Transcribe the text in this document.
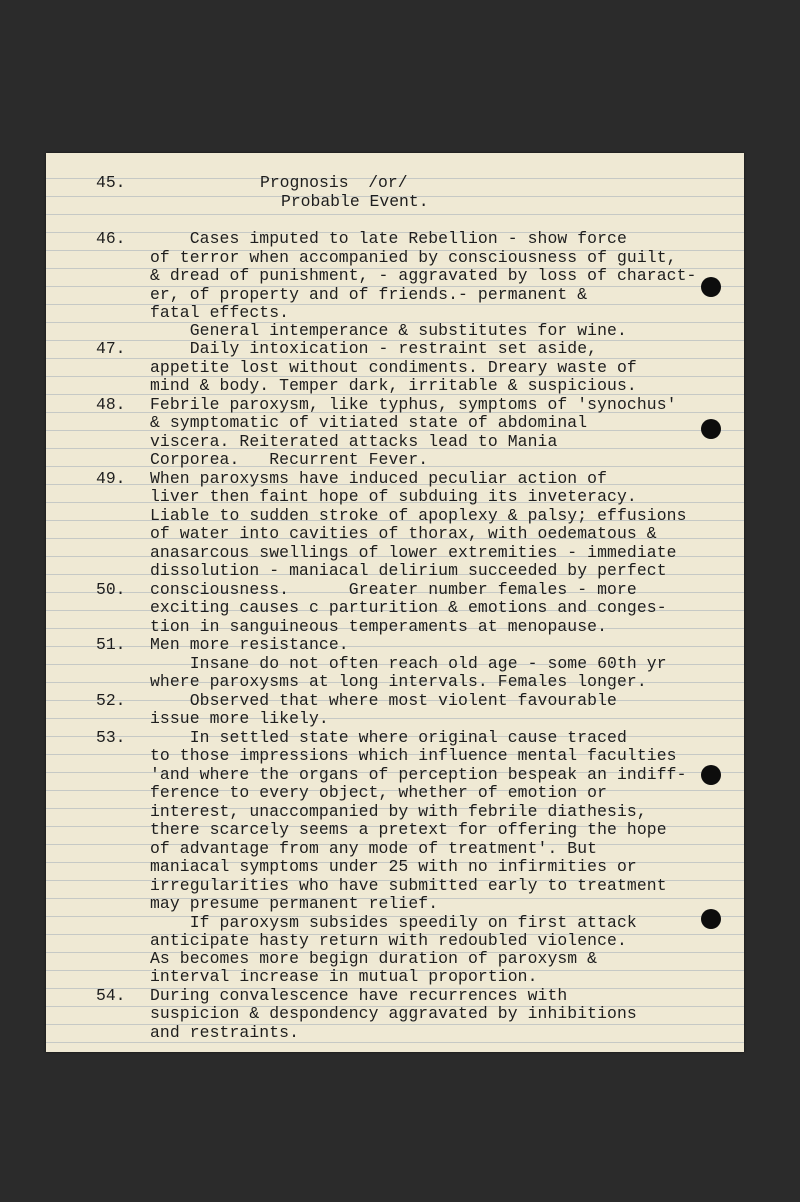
45.
46.
47.
48.
49.
50.
51.
52.
53.
54.
Prognosis  /or/
Probable Event.
Cases imputed to late Rebellion - show force
of terror when accompanied by consciousness of guilt,
& dread of punishment, - aggravated by loss of charact-
er, of property and of friends.- permanent &
fatal effects.
General intemperance & substitutes for wine.
Daily intoxication - restraint set aside,
appetite lost without condiments. Dreary waste of
mind & body. Temper dark, irritable & suspicious.
Febrile paroxysm, like typhus, symptoms of 'synochus'
& symptomatic of vitiated state of abdominal
viscera. Reiterated attacks lead to Mania
Corporea.   Recurrent Fever.
When paroxysms have induced peculiar action of
liver then faint hope of subduing its inveteracy.
Liable to sudden stroke of apoplexy & palsy; effusions
of water into cavities of thorax, with oedematous &
anasarcous swellings of lower extremities - immediate
dissolution - maniacal delirium succeeded by perfect
consciousness.      Greater number females - more
exciting causes c parturition & emotions and conges-
tion in sanguineous temperaments at menopause.
Men more resistance.
Insane do not often reach old age - some 60th yr
where paroxysms at long intervals. Females longer.
Observed that where most violent favourable
issue more likely.
In settled state where original cause traced
to those impressions which influence mental faculties
'and where the organs of perception bespeak an indiff-
ference to every object, whether of emotion or
interest, unaccompanied by with febrile diathesis,
there scarcely seems a pretext for offering the hope
of advantage from any mode of treatment'. But
maniacal symptoms under 25 with no infirmities or
irregularities who have submitted early to treatment
may presume permanent relief.
If paroxysm subsides speedily on first attack
anticipate hasty return with redoubled violence.
As becomes more begign duration of paroxysm &
interval increase in mutual proportion.
During convalescence have recurrences with
suspicion & despondency aggravated by inhibitions
and restraints.
